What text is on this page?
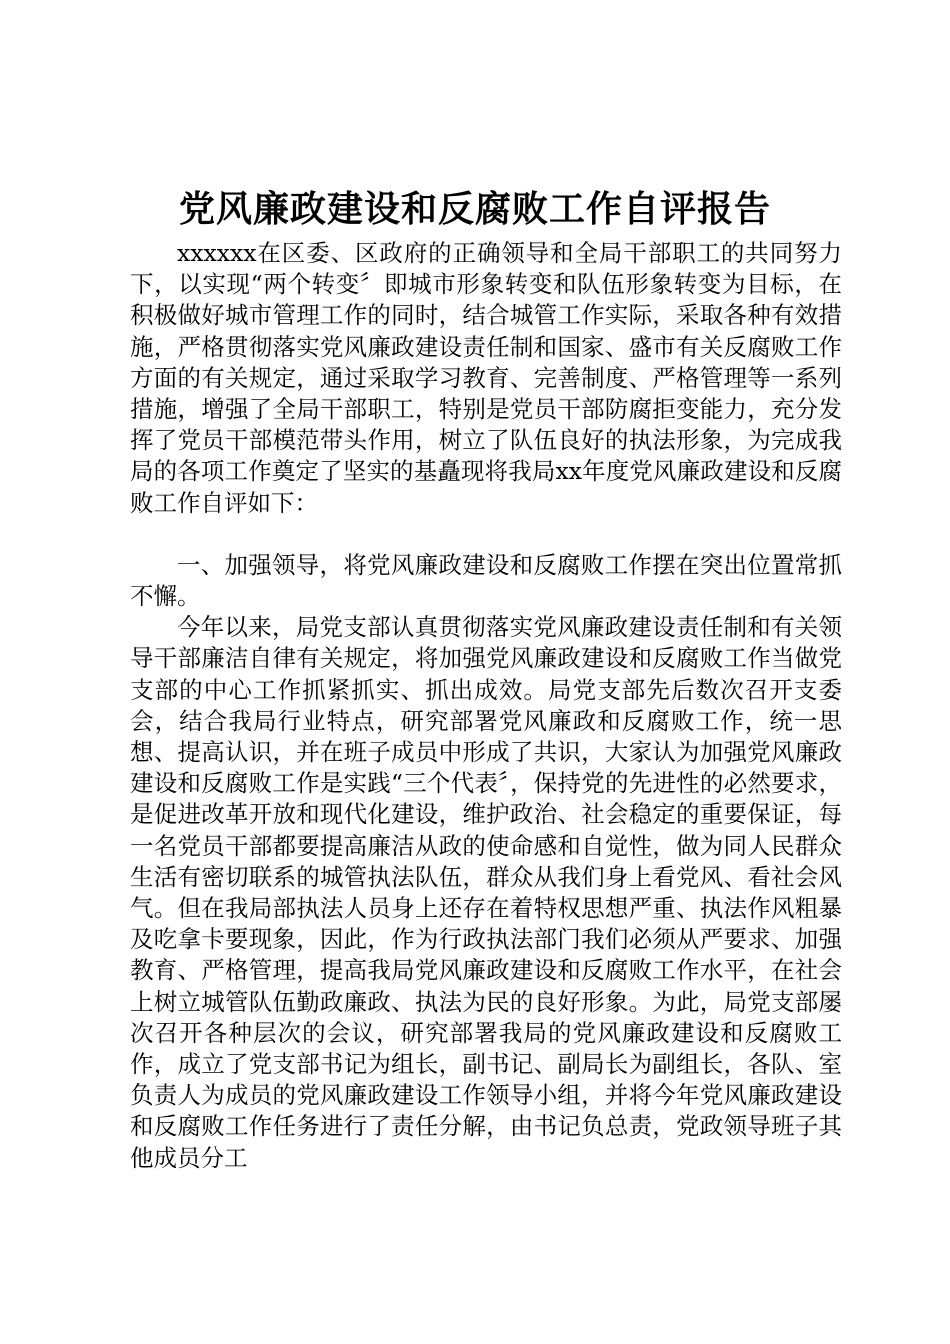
党风廉政建设和反腐败工作自评报告

xxxxxx在区委、区政府的正确领导和全局干部职工的共同努力下，以实现“两个转变〞即城市形象转变和队伍形象转变为目标，在积极做好城市管理工作的同时，结合城管工作实际，采取各种有效措施，严格贯彻落实党风廉政建设责任制和国家、盛市有关反腐败工作方面的有关规定，通过采取学习教育、完善制度、严格管理等一系列措施，增强了全局干部职工，特别是党员干部防腐拒变能力，充分发挥了党员干部模范带头作用，树立了队伍良好的执法形象，为完成我局的各项工作奠定了坚实的基矗现将我局xx年度党风廉政建设和反腐败工作自评如下：

一、加强领导，将党风廉政建设和反腐败工作摆在突出位置常抓不懈。

今年以来，局党支部认真贯彻落实党风廉政建设责任制和有关领导干部廉洁自律有关规定，将加强党风廉政建设和反腐败工作当做党支部的中心工作抓紧抓实、抓出成效。局党支部先后数次召开支委会，结合我局行业特点，研究部署党风廉政和反腐败工作，统一思想、提高认识，并在班子成员中形成了共识，大家认为加强党风廉政建设和反腐败工作是实践“三个代表〞，保持党的先进性的必然要求，是促进改革开放和现代化建设，维护政治、社会稳定的重要保证，每一名党员干部都要提高廉洁从政的使命感和自觉性，做为同人民群众生活有密切联系的城管执法队伍，群众从我们身上看党风、看社会风气。但在我局部执法人员身上还存在着特权思想严重、执法作风粗暴及吃拿卡要现象，因此，作为行政执法部门我们必须从严要求、加强教育、严格管理，提高我局党风廉政建设和反腐败工作水平，在社会上树立城管队伍勤政廉政、执法为民的良好形象。为此，局党支部屡次召开各种层次的会议，研究部署我局的党风廉政建设和反腐败工作，成立了党支部书记为组长，副书记、副局长为副组长，各队、室负责人为成员的党风廉政建设工作领导小组，并将今年党风廉政建设和反腐败工作任务进行了责任分解，由书记负总责，党政领导班子其他成员分工
